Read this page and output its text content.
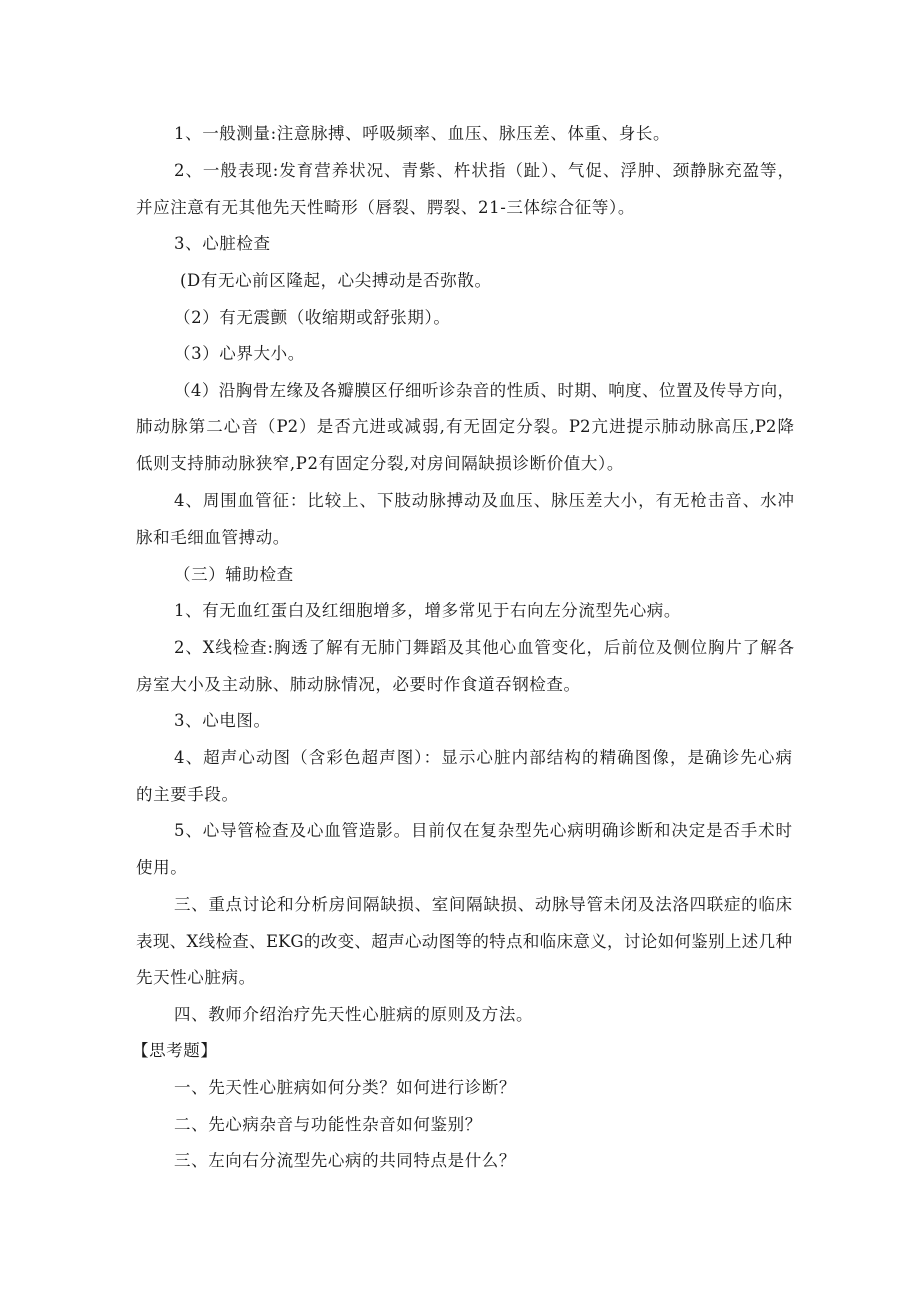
1、一般测量:注意脉搏、呼吸频率、血压、脉压差、体重、身长。
2、一般表现:发育营养状况、青紫、杵状指（趾）、气促、浮肿、颈静脉充盈等，
并应注意有无其他先天性畸形（唇裂、腭裂、21-三体综合征等）。
3、心脏检查
(D有无心前区隆起，心尖搏动是否弥散。
（2）有无震颤（收缩期或舒张期）。
（3）心界大小。
（4）沿胸骨左缘及各瓣膜区仔细听诊杂音的性质、时期、响度、位置及传导方向，
肺动脉第二心音（P2）是否亢进或减弱,有无固定分裂。P2亢进提示肺动脉高压,P2降
低则支持肺动脉狭窄,P2有固定分裂,对房间隔缺损诊断价值大）。
4、周围血管征：比较上、下肢动脉搏动及血压、脉压差大小，有无枪击音、水冲
脉和毛细血管搏动。
（三）辅助检查
1、有无血红蛋白及红细胞增多，增多常见于右向左分流型先心病。
2、X线检查:胸透了解有无肺门舞蹈及其他心血管变化，后前位及侧位胸片了解各
房室大小及主动脉、肺动脉情况，必要时作食道吞钢检查。
3、心电图。
4、超声心动图（含彩色超声图）：显示心脏内部结构的精确图像，是确诊先心病
的主要手段。
5、心导管检查及心血管造影。目前仅在复杂型先心病明确诊断和决定是否手术时
使用。
三、重点讨论和分析房间隔缺损、室间隔缺损、动脉导管未闭及法洛四联症的临床
表现、X线检查、EKG的改变、超声心动图等的特点和临床意义，讨论如何鉴别上述几种
先天性心脏病。
四、教师介绍治疗先天性心脏病的原则及方法。
【思考题】
一、先天性心脏病如何分类？如何进行诊断？
二、先心病杂音与功能性杂音如何鉴别？
三、左向右分流型先心病的共同特点是什么？
